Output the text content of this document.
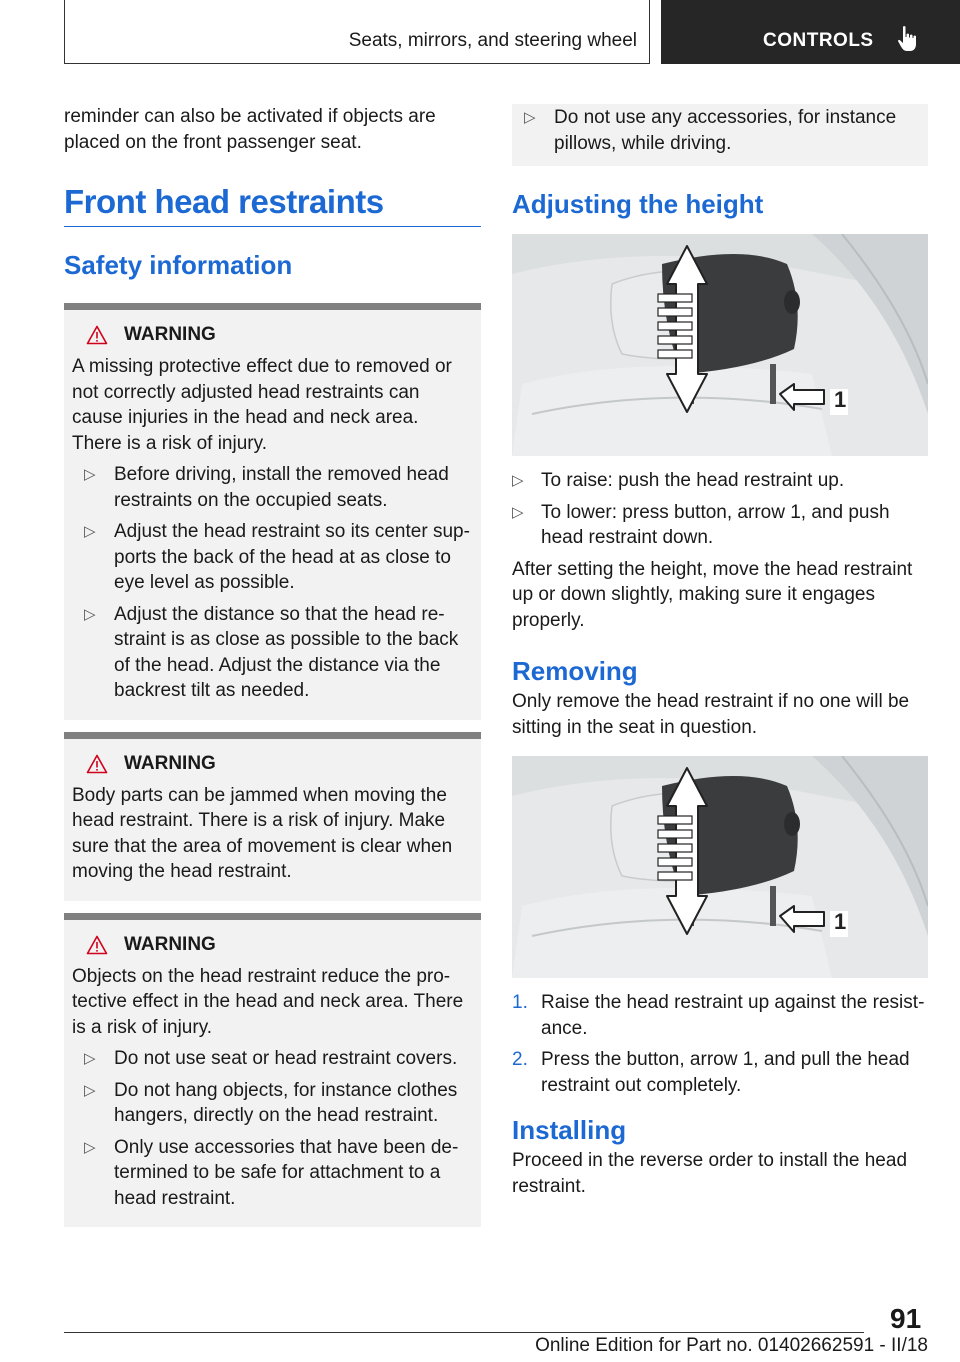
Seats, mirrors, and steering wheel	CONTROLS

reminder can also be activated if objects are placed on the front passenger seat.

Front head restraints
Safety information
WARNING

A missing protective effect due to removed or not correctly adjusted head restraints can cause injuries in the head and neck area. There is a risk of injury.

▷ Before driving, install the removed head restraints on the occupied seats.
▷ Adjust the head restraint so its center supports the back of the head at as close to eye level as possible.
▷ Adjust the distance so that the head restraint is as close as possible to the back of the head. Adjust the distance via the backrest tilt as needed.
WARNING

Body parts can be jammed when moving the head restraint. There is a risk of injury. Make sure that the area of movement is clear when moving the head restraint.

WARNING

Objects on the head restraint reduce the protective effect in the head and neck area. There is a risk of injury.

▷ Do not use seat or head restraint covers.
▷ Do not hang objects, for instance clothes hangers, directly on the head restraint.
▷ Only use accessories that have been determined to be safe for attachment to a head restraint.
▷ Do not use any accessories, for instance pillows, while driving.
Adjusting the height
1
▷ To raise: push the head restraint up.
▷ To lower: press button, arrow 1, and push head restraint down.

After setting the height, move the head restraint up or down slightly, making sure it engages properly.

Removing

Only remove the head restraint if no one will be sitting in the seat in question.

1
1. Raise the head restraint up against the resistance.
2. Press the button, arrow 1, and pull the head restraint out completely.
Installing

Proceed in the reverse order to install the head restraint.

91
Online Edition for Part no. 01402662591 - II/18
